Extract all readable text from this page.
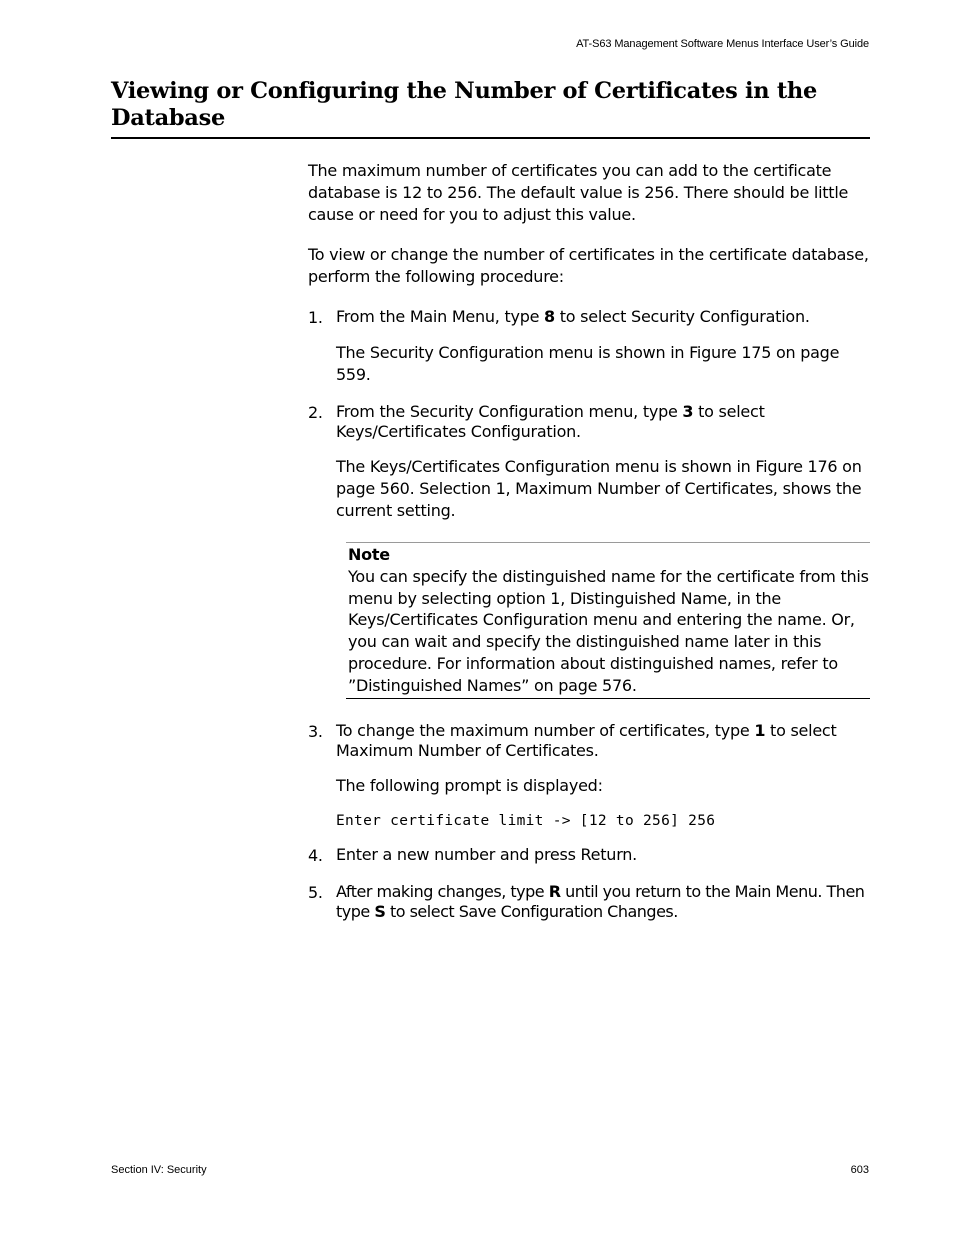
AT-S63 Management Software Menus Interface User’s Guide
Viewing or Configuring the Number of Certificates in the Database

The maximum number of certificates you can add to the certificate database is 12 to 256. The default value is 256. There should be little cause or need for you to adjust this value.

To view or change the number of certificates in the certificate database, perform the following procedure:

1. From the Main Menu, type 8 to select Security Configuration.

The Security Configuration menu is shown in Figure 175 on page 559.

2. From the Security Configuration menu, type 3 to select Keys/Certificates Configuration.

The Keys/Certificates Configuration menu is shown in Figure 176 on page 560. Selection 1, Maximum Number of Certificates, shows the current setting.

Note
You can specify the distinguished name for the certificate from this menu by selecting option 1, Distinguished Name, in the Keys/Certificates Configuration menu and entering the name. Or, you can wait and specify the distinguished name later in this procedure. For information about distinguished names, refer to ”Distinguished Names” on page 576.
3. To change the maximum number of certificates, type 1 to select Maximum Number of Certificates.

The following prompt is displayed:

Enter certificate limit -> [12 to 256] 256
4. Enter a new number and press Return.
5. After making changes, type R until you return to the Main Menu. Then type S to select Save Configuration Changes.
Section IV: Security	603
